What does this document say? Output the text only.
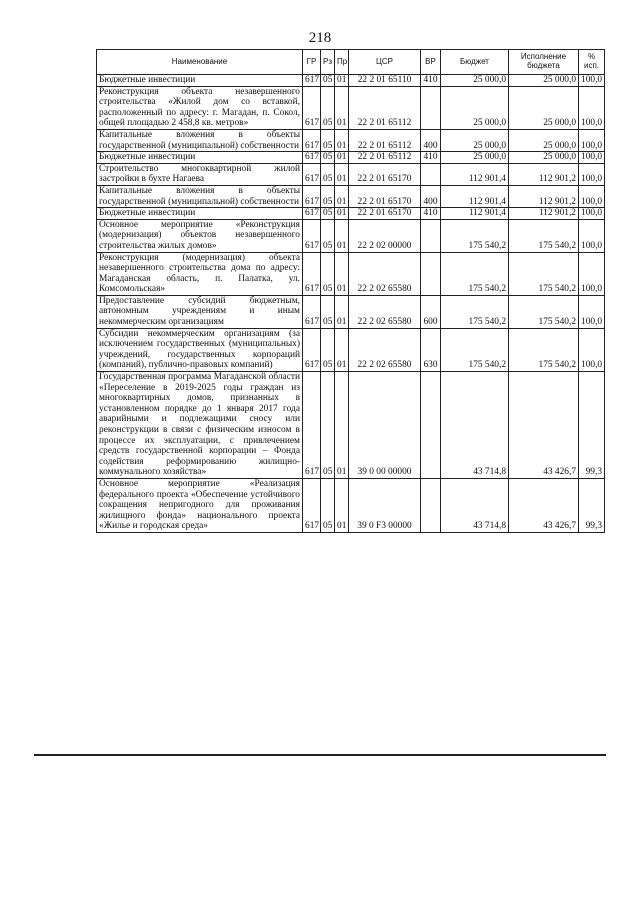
218
Наименование	ГР	Рз	Пр	ЦСР	ВР	Бюджет	Исполнение бюджета	% исп.
Бюджетные инвестиции	617	05	01	22 2 01 65110	410	25 000,0	25 000,0	100,0
Реконструкция объекта незавершенного строительства «Жилой дом со вставкой, расположенный по адресу: г. Магадан, п. Сокол, общей площадью 2 458,8 кв. метров»	617	05	01	22 2 01 65112		25 000,0	25 000,0	100,0
Капитальные вложения в объекты государственной (муниципальной) собственности	617	05	01	22 2 01 65112	400	25 000,0	25 000,0	100,0
Бюджетные инвестиции	617	05	01	22 2 01 65112	410	25 000,0	25 000,0	100,0
Строительство многоквартирной жилой застройки в бухте Нагаева	617	05	01	22 2 01 65170		112 901,4	112 901,2	100,0
Капитальные вложения в объекты государственной (муниципальной) собственности	617	05	01	22 2 01 65170	400	112 901,4	112 901,2	100,0
Бюджетные инвестиции	617	05	01	22 2 01 65170	410	112 901,4	112 901,2	100,0
Основное мероприятие «Реконструкция (модернизация) объектов незавершенного строительства жилых домов»	617	05	01	22 2 02 00000		175 540,2	175 540,2	100,0
Реконструкция (модернизация) объекта незавершенного строительства дома по адресу: Магаданская область, п. Палатка, ул. Комсомольская»	617	05	01	22 2 02 65580		175 540,2	175 540,2	100,0
Предоставление субсидий бюджетным, автономным учреждениям и иным некоммерческим организациям	617	05	01	22 2 02 65580	600	175 540,2	175 540,2	100,0
Субсидии некоммерческим организациям (за исключением государственных (муниципальных) учреждений, государственных корпораций (компаний), публично-правовых компаний)	617	05	01	22 2 02 65580	630	175 540,2	175 540,2	100,0
Государственная программа Магаданской области «Переселение в 2019-2025 годы граждан из многоквартирных домов, признанных в установленном порядке до 1 января 2017 года аварийными и подлежащими сносу или реконструкции в связи с физическим износом в процессе их эксплуатации, с привлечением средств государственной корпорации – Фонда содействия реформированию жилищно-коммунального хозяйства»	617	05	01	39 0 00 00000		43 714,8	43 426,7	99,3
Основное мероприятие «Реализация федерального проекта «Обеспечение устойчивого сокращения непригодного для проживания жилищного фонда» национального проекта «Жилье и городская среда»	617	05	01	39 0 F3 00000		43 714,8	43 426,7	99,3
